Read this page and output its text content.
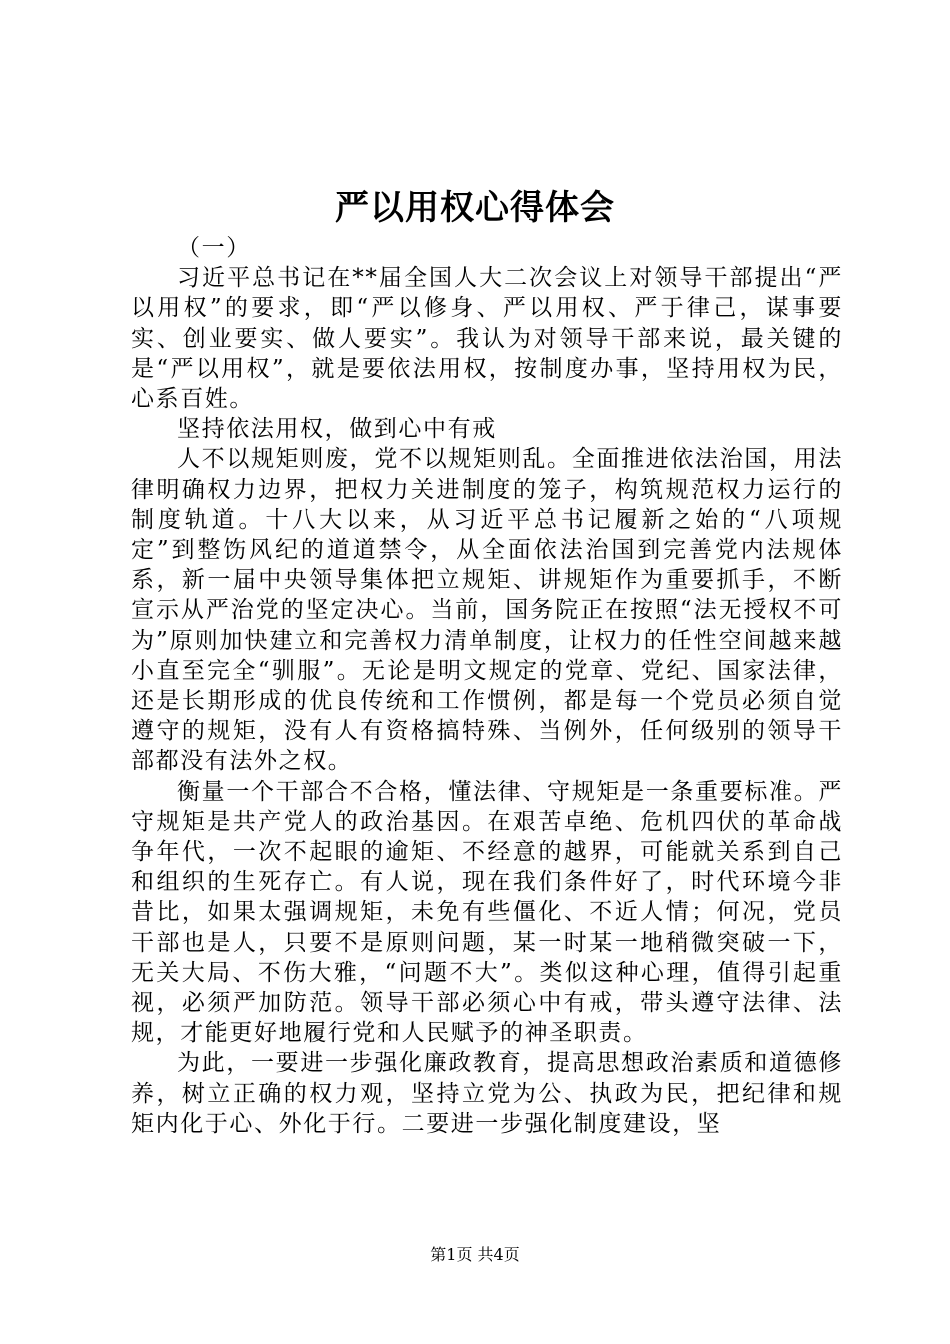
严以用权心得体会

（一）

习近平总书记在**届全国人大二次会议上对领导干部提出“严以用权”的要求，即“严以修身、严以用权、严于律己，谋事要实、创业要实、做人要实”。我认为对领导干部来说，最关键的是“严以用权”，就是要依法用权，按制度办事，坚持用权为民，心系百姓。

坚持依法用权，做到心中有戒

人不以规矩则废，党不以规矩则乱。全面推进依法治国，用法律明确权力边界，把权力关进制度的笼子，构筑规范权力运行的制度轨道。十八大以来，从习近平总书记履新之始的“八项规定”到整饬风纪的道道禁令，从全面依法治国到完善党内法规体系，新一届中央领导集体把立规矩、讲规矩作为重要抓手，不断宣示从严治党的坚定决心。当前，国务院正在按照“法无授权不可为”原则加快建立和完善权力清单制度，让权力的任性空间越来越小直至完全“驯服”。无论是明文规定的党章、党纪、国家法律，还是长期形成的优良传统和工作惯例，都是每一个党员必须自觉遵守的规矩，没有人有资格搞特殊、当例外，任何级别的领导干部都没有法外之权。

衡量一个干部合不合格，懂法律、守规矩是一条重要标准。严守规矩是共产党人的政治基因。在艰苦卓绝、危机四伏的革命战争年代，一次不起眼的逾矩、不经意的越界，可能就关系到自己和组织的生死存亡。有人说，现在我们条件好了，时代环境今非昔比，如果太强调规矩，未免有些僵化、不近人情；何况，党员干部也是人，只要不是原则问题，某一时某一地稍微突破一下，无关大局、不伤大雅，“问题不大”。类似这种心理，值得引起重视，必须严加防范。领导干部必须心中有戒，带头遵守法律、法规，才能更好地履行党和人民赋予的神圣职责。

为此，一要进一步强化廉政教育，提高思想政治素质和道德修养，树立正确的权力观，坚持立党为公、执政为民，把纪律和规矩内化于心、外化于行。二要进一步强化制度建设，坚

第1页 共4页
